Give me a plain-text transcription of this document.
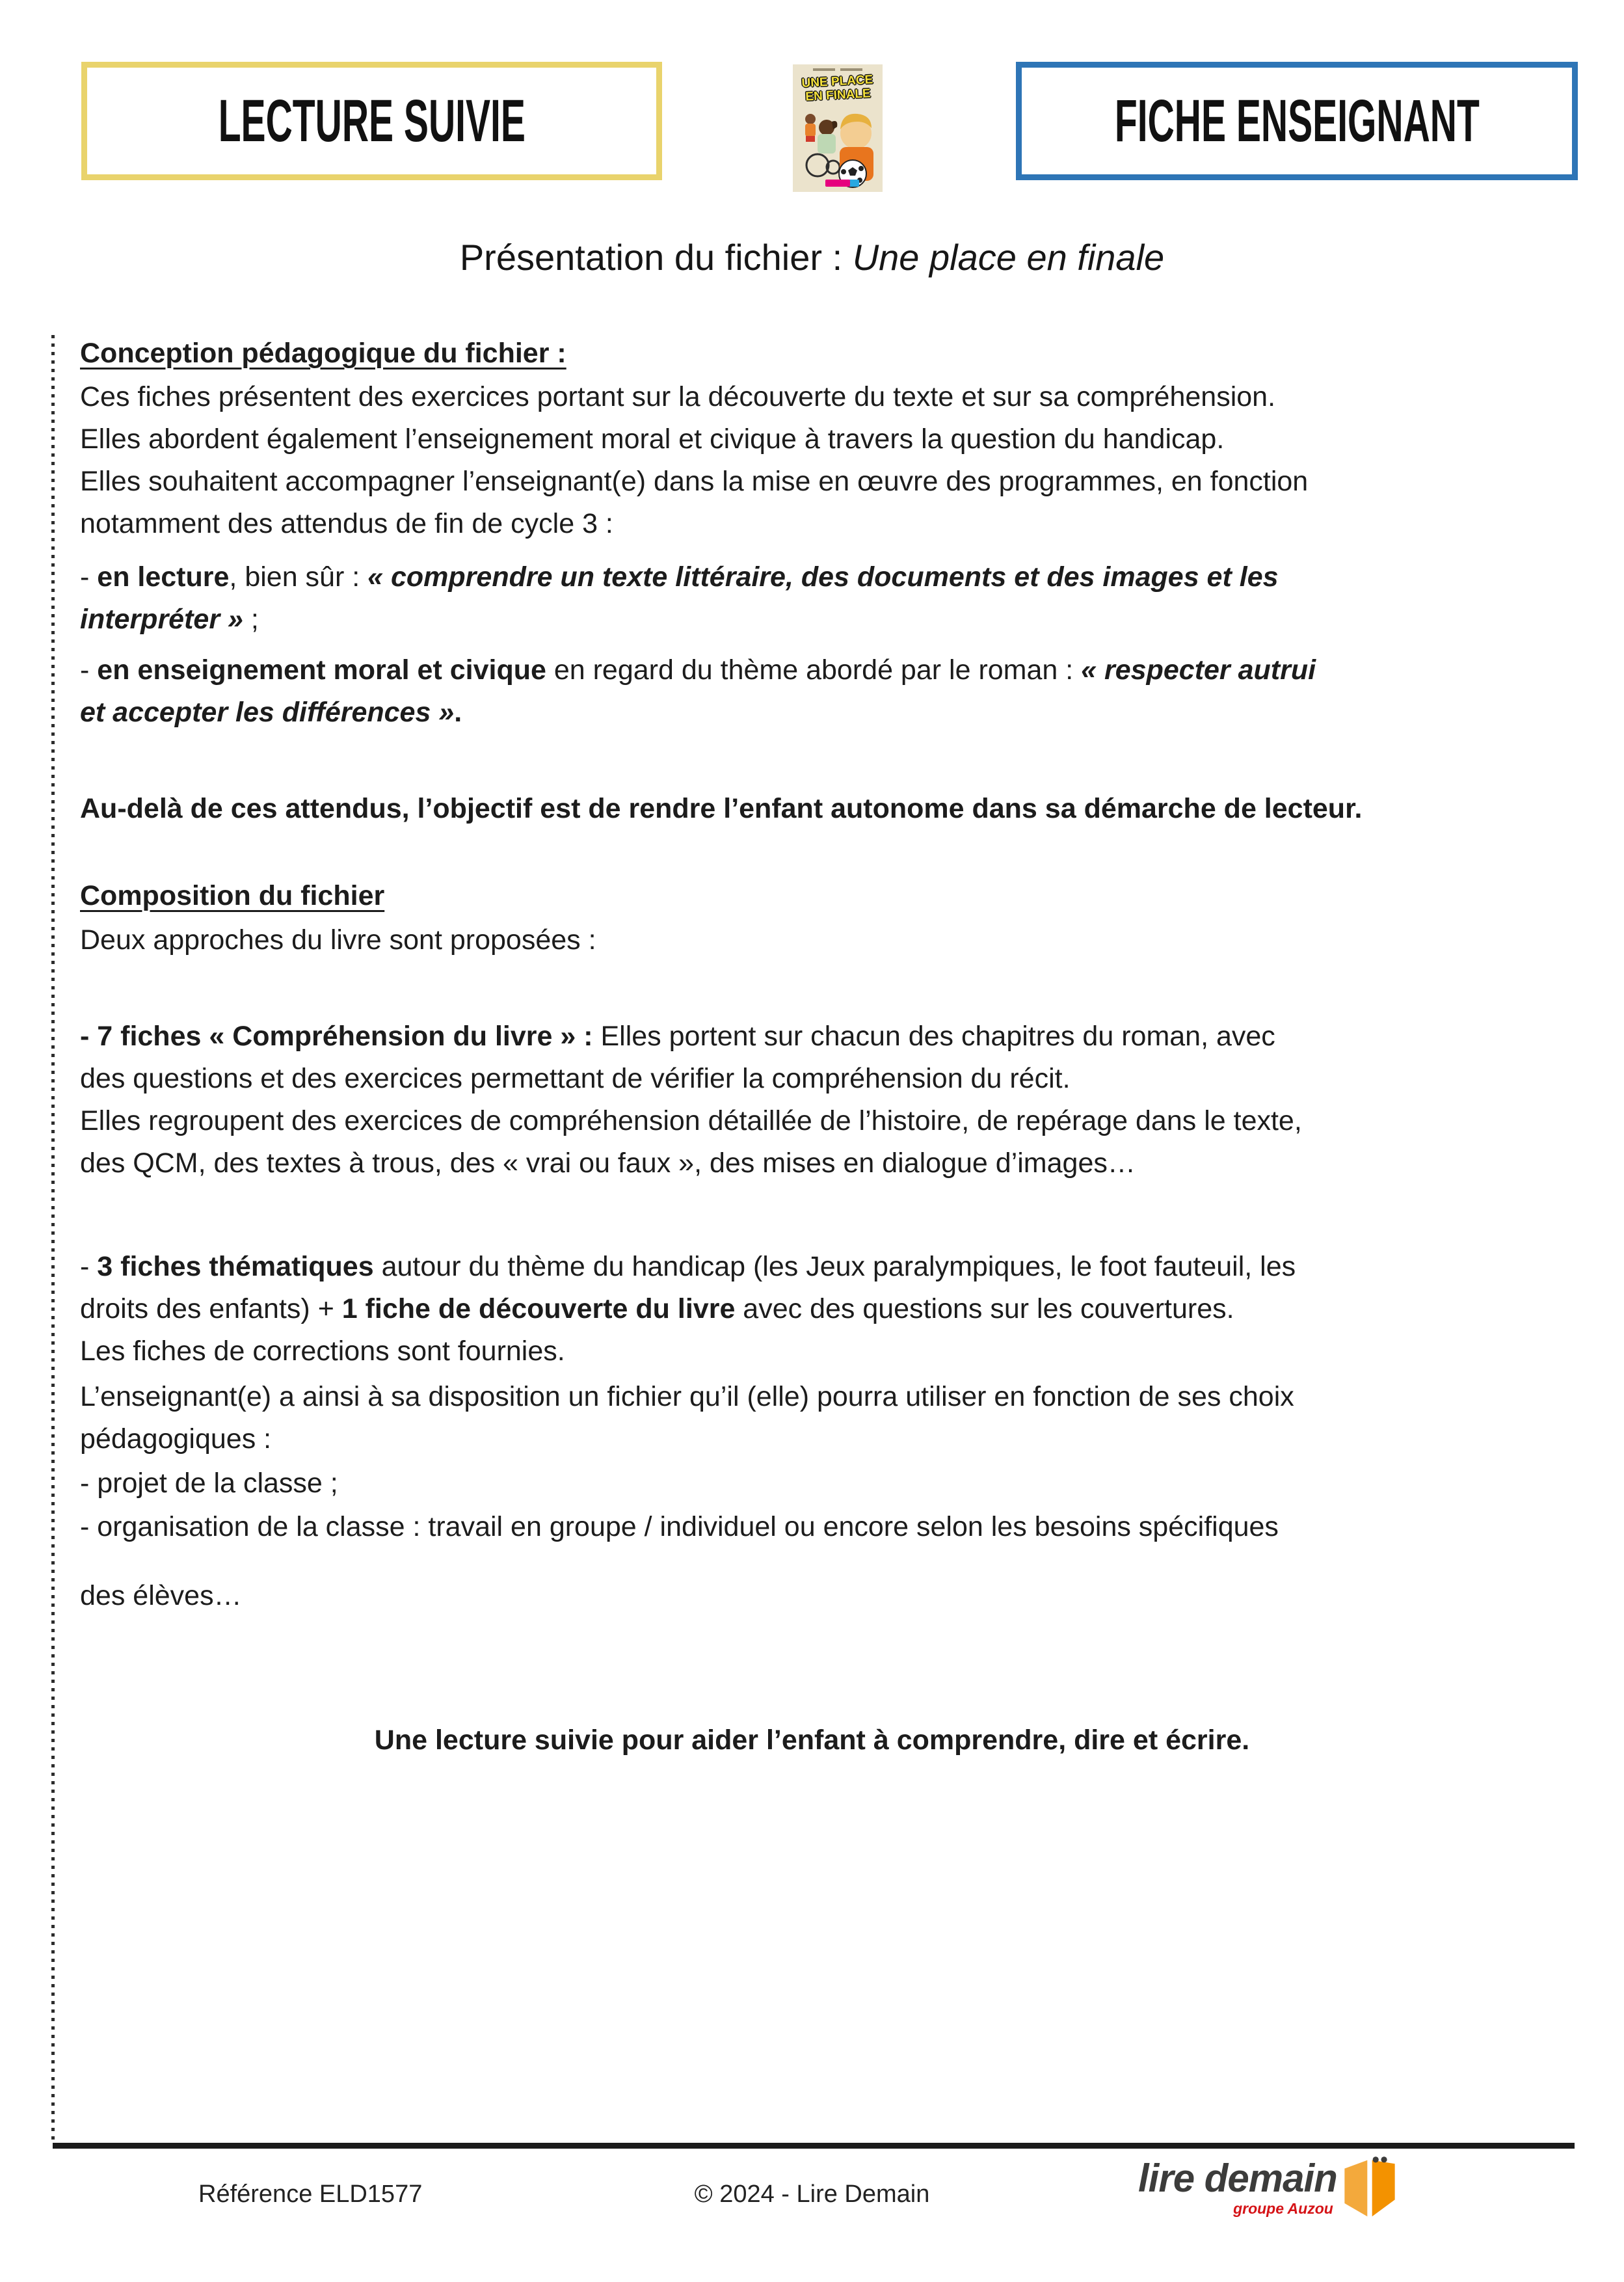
LECTURE SUIVIE
UNE PLACE
EN FINALE	FICHE ENSEIGNANT
Présentation du fichier : Une place en finale
Conception pédagogique du fichier :
Ces fiches présentent des exercices portant sur la découverte du texte et sur sa compréhension.
Elles abordent également l’enseignement moral et civique à travers la question du handicap.
Elles souhaitent accompagner l’enseignant(e) dans la mise en œuvre des programmes, en fonction
notamment des attendus de fin de cycle 3 :
- en lecture, bien sûr : « comprendre un texte littéraire, des documents et des images et les
interpréter » ;
- en enseignement moral et civique en regard du thème abordé par le roman : « respecter autrui
et accepter les différences ».
Au-delà de ces attendus, l’objectif est de rendre l’enfant autonome dans sa démarche de lecteur.
Composition du fichier
Deux approches du livre sont proposées :
- 7 fiches « Compréhension du livre » : Elles portent sur chacun des chapitres du roman, avec
des questions et des exercices permettant de vérifier la compréhension du récit.
Elles regroupent des exercices de compréhension détaillée de l’histoire, de repérage dans le texte,
des QCM, des textes à trous, des « vrai ou faux », des mises en dialogue d’images…
- 3 fiches thématiques autour du thème du handicap (les Jeux paralympiques, le foot fauteuil, les
droits des enfants) + 1 fiche de découverte du livre avec des questions sur les couvertures.
Les fiches de corrections sont fournies.
L’enseignant(e) a ainsi à sa disposition un fichier qu’il (elle) pourra utiliser en fonction de ses choix
pédagogiques :
- projet de la classe ;
- organisation de la classe : travail en groupe / individuel ou encore selon les besoins spécifiques
des élèves…
Une lecture suivie pour aider l’enfant à comprendre, dire et écrire.
Référence ELD1577	© 2024 - Lire Demain	lire demain
groupe Auzou
